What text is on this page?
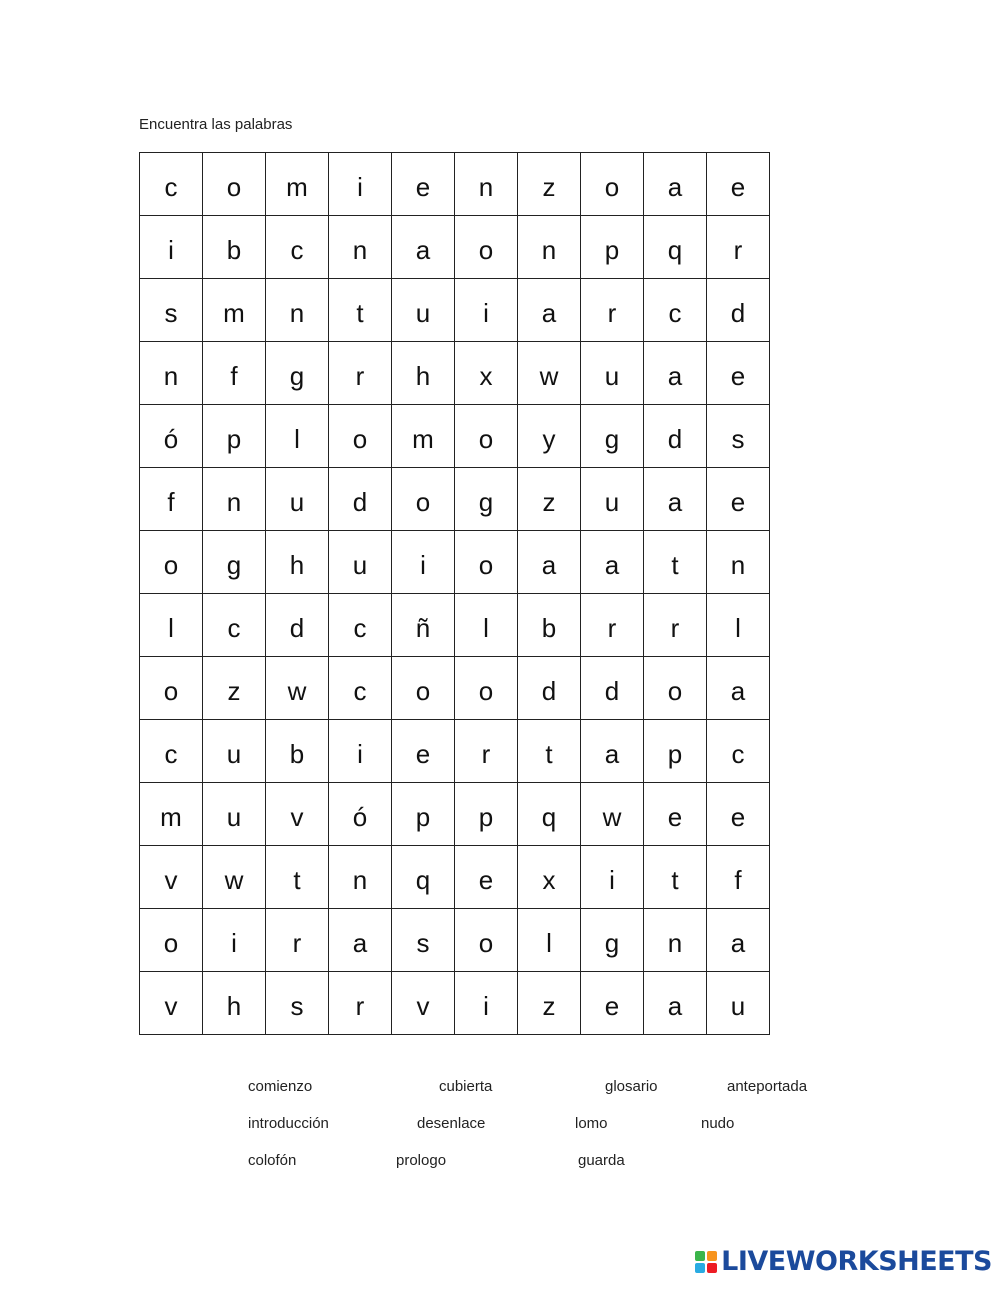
Encuentra las palabras
c	o	m	i	e	n	z	o	a	e
i	b	c	n	a	o	n	p	q	r
s	m	n	t	u	i	a	r	c	d
n	f	g	r	h	x	w	u	a	e
ó	p	l	o	m	o	y	g	d	s
f	n	u	d	o	g	z	u	a	e
o	g	h	u	i	o	a	a	t	n
l	c	d	c	ñ	l	b	r	r	l
o	z	w	c	o	o	d	d	o	a
c	u	b	i	e	r	t	a	p	c
m	u	v	ó	p	p	q	w	e	e
v	w	t	n	q	e	x	i	t	f
o	i	r	a	s	o	l	g	n	a
v	h	s	r	v	i	z	e	a	u
comienzo	cubierta	glosario	anteportada
introducción	desenlace	lomo	nudo
colofón	prologo	guarda
LIVEWORKSHEETS
